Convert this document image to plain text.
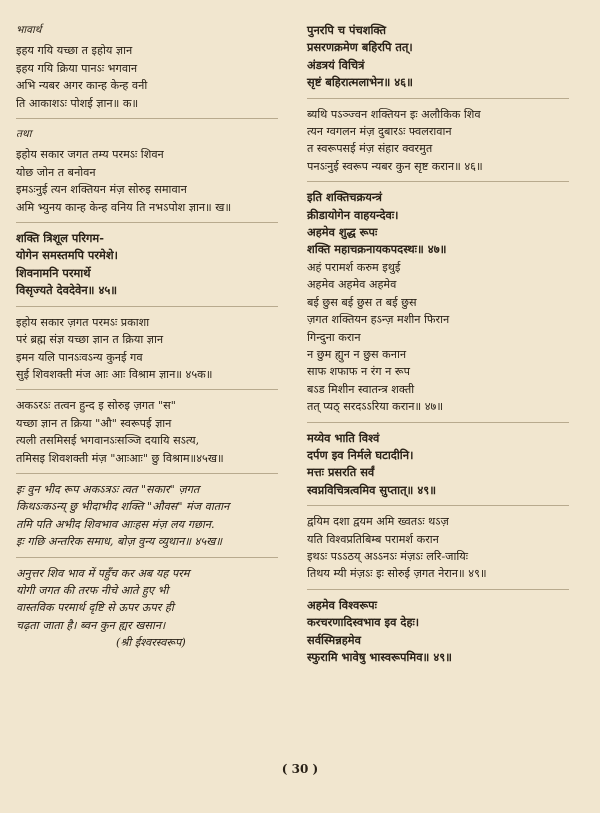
भावार्थ
इहय गयि यच्छा त इहोय ज्ञान
इहय गयि क्रिया पानऽः भगवान
अभि न्यबर अगर कान्ह केन्ह वनी
ति आकाशऽः पोशई ज्ञान॥ क॥
तथा
इहोय सकार जगत तम्य परमऽः शिवन
योछ जोन त बनोवन
इमऽःनुई त्यन शक्तियन मंज़ सोरुइ समावान
अमि भ्युनय कान्ह केन्ह वनिय ति नभऽपोश ज्ञान॥ ख॥
शक्ति त्रिशूल परिगम-
योगेन समस्तमपि परमेशे।
शिवनामनि परमार्थे
विसृज्यते देवदेवेन॥ ४५॥
इहोय सकार ज़गत परमऽः प्रकाशा
परं ब्रह्म संज्ञ यच्छा ज्ञान त क्रिया ज्ञान
इमन यलि पानऽःवऽन्य कुनई गव
सुई शिवशक्ती मंज आः आः विश्राम ज्ञान॥ ४५क॥
अकऽरऽः तत्वन हुन्द इ सोरुइ ज़गत "स"
यच्छा ज्ञान त क्रिया "औ" स्वरूपई ज्ञान
त्यली तसमिसई भगवानऽःसञ्जि दयायि सऽत्य,
तमिसइ शिवशक्ती मंज़ "आःआः" छु विश्राम॥४५ख॥
इः वुन भीद रूप अकऽत्रऽः त्वत "सकार" ज़गत
किथऽःकऽन्य् छु भीदाभीद शक्ति "औवस" मंज वातान
तमि पति अभीद शिवभाव आःहस मंज़ लय गछान.
इः गछि अन्तरिक समाध, बोज़ वुन्य व्युथान॥ ४५ख॥
अनुत्तर शिव भाव में पहुँच कर अब यह परम
योगी जगत की तरफ नीचे आते हुए भी
वास्तविक परमार्थ दृष्टि से ऊपर ऊपर ही
चढ़ता जाता है। ब्वन कुन ह्यर खसान।
(श्री ईश्वरस्वरूप)
पुनरपि च पंचशक्ति
प्रसरणक्रमेण बहिरपि तत्।
अंडत्रयं विचित्रं
सृष्टं बहिरात्मलाभेन॥ ४६॥
ब्यथि पऽञ्ज्वन शक्तियन इः अलौकिक शिव
त्यन ग्वगलन मंज़ दुबारऽः फ्वलरावान
त स्वरूपसई मंज़ संहार क्वरमुत
पनऽःनुई स्वरूप न्यबर कुन सृष्ट करान॥ ४६॥
इति शक्तिचक्रयन्त्रं
क्रीडायोगेन वाहयन्देवः।
अहमेव शुद्ध रूपः
शक्ति महाचक्रनायकपदस्थः॥ ४७॥
अहं परामर्श करुम इथुई
अहमेव अहमेव अहमेव
बई छुस बई छुस त बई छुस
ज़गत शक्तियन हऽन्ज़ मशीन फिरान
गिन्दुना करान
न छुम ह्युन न छुस कनान
साफ शफाफ न रंग न रूप
बऽड मिशीन स्वातन्त्र शक्ती
तत् प्यठ् सरदऽऽरिया करान॥ ४७॥
मय्येव भाति विश्वं
दर्पण इव निर्मले घटादीनि।
मत्तः प्रसरति सर्वं
स्वप्नविचित्रत्वमिव सुप्तात्॥ ४९॥
द्वयिम दशा द्वयम अमि ख्वतऽः थऽज़
यति विश्वप्रतिबिम्ब परामर्श करान
इथऽः पऽऽठय् अऽऽनऽः मंज़ऽः लरि-जायिः
तिथय म्यी मंज़ऽः इः सोरुई ज़गत नेरान॥ ४९॥
अहमेव विश्वरूपः
करचरणादिस्वभाव इव देहः।
सर्वस्मिन्नहमेव
स्फुरामि भावेषु भास्वरूपमिव॥ ४९॥
( 30 )
